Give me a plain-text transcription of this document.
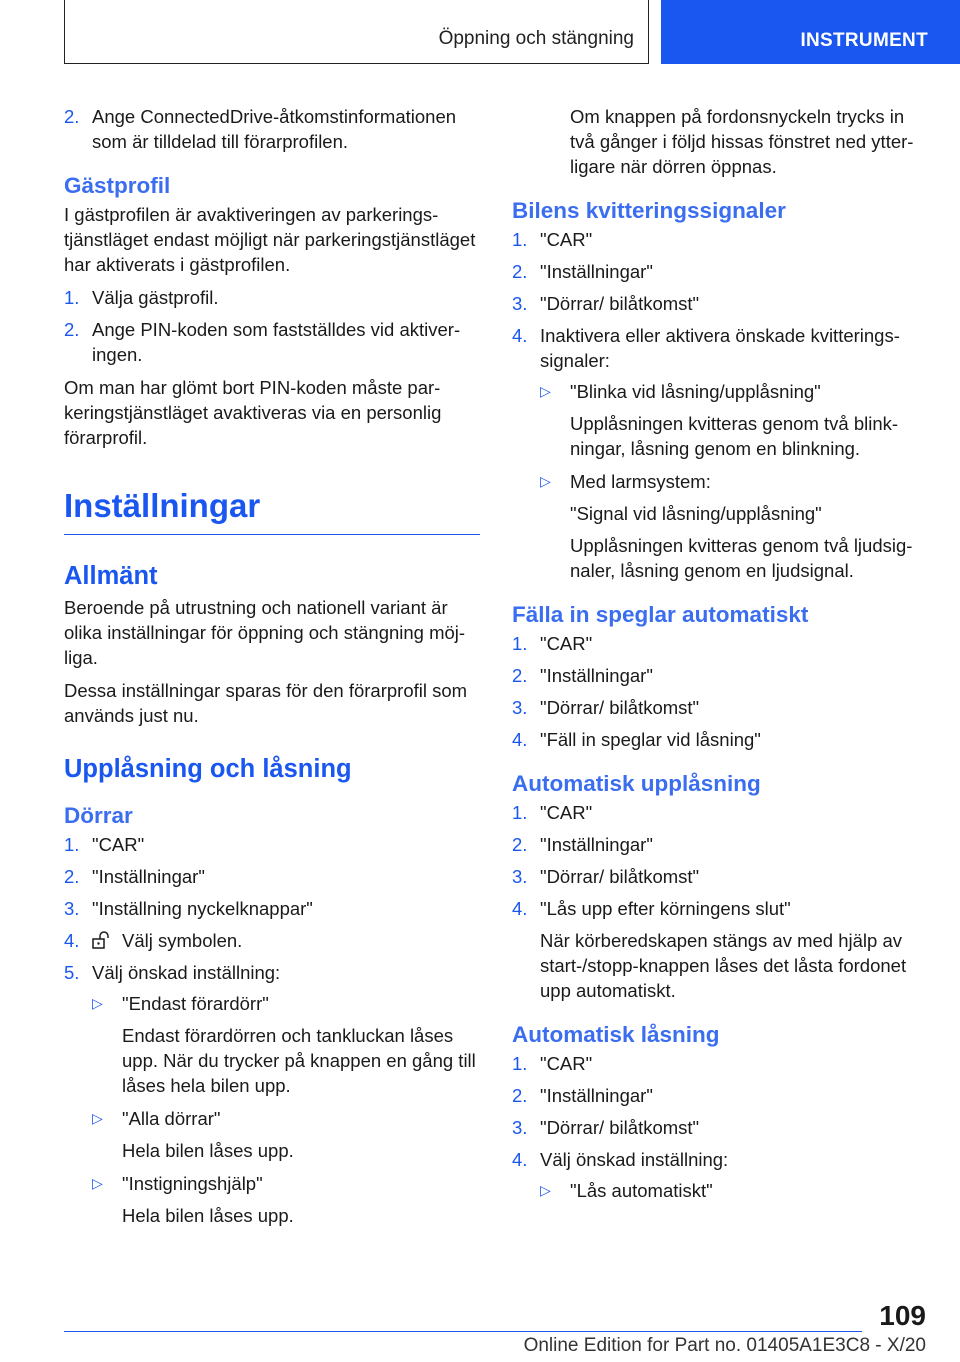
Öppning och stängning	INSTRUMENT
2. Ange ConnectedDrive-åtkomstinformationen som är tilldelad till förarprofilen.
Gästprofil

I gästprofilen är avaktiveringen av parkeringstjänstläget endast möjligt när parkeringstjänstläget har aktiverats i gästprofilen.

1. Välja gästprofil.
2. Ange PIN-koden som fastställdes vid aktiveringen.

Om man har glömt bort PIN-koden måste parkeringstjänstläget avaktiveras via en personlig förarprofil.

Inställningar
Allmänt

Beroende på utrustning och nationell variant är olika inställningar för öppning och stängning möjliga.

Dessa inställningar sparas för den förarprofil som används just nu.

Upplåsning och låsning
Dörrar
1. "CAR"
2. "Inställningar"
3. "Inställning nyckelknappar"
4. Välj symbolen.
5. Välj önskad inställning:
▷ "Endast förardörr"
Endast förardörren och tankluckan låses upp. När du trycker på knappen en gång till låses hela bilen upp.
▷ "Alla dörrar"
Hela bilen låses upp.
▷ "Instigningshjälp"
Hela bilen låses upp.

Om knappen på fordonsnyckeln trycks in två gånger i följd hissas fönstret ned ytterligare när dörren öppnas.

Bilens kvitteringssignaler
1. "CAR"
2. "Inställningar"
3. "Dörrar/ bilåtkomst"
4. Inaktivera eller aktivera önskade kvitteringssignaler:
▷ "Blinka vid låsning/upplåsning"
Upplåsningen kvitteras genom två blinkningar, låsning genom en blinkning.
▷ Med larmsystem:
"Signal vid låsning/upplåsning"
Upplåsningen kvitteras genom två ljudsignaler, låsning genom en ljudsignal.
Fälla in speglar automatiskt
1. "CAR"
2. "Inställningar"
3. "Dörrar/ bilåtkomst"
4. "Fäll in speglar vid låsning"
Automatisk upplåsning
1. "CAR"
2. "Inställningar"
3. "Dörrar/ bilåtkomst"
4. "Lås upp efter körningens slut"
När körberedskapen stängs av med hjälp av start-/stopp-knappen låses det låsta fordonet upp automatiskt.
Automatisk låsning
1. "CAR"
2. "Inställningar"
3. "Dörrar/ bilåtkomst"
4. Välj önskad inställning:
▷ "Lås automatiskt"
109
Online Edition for Part no. 01405A1E3C8 - X/20
